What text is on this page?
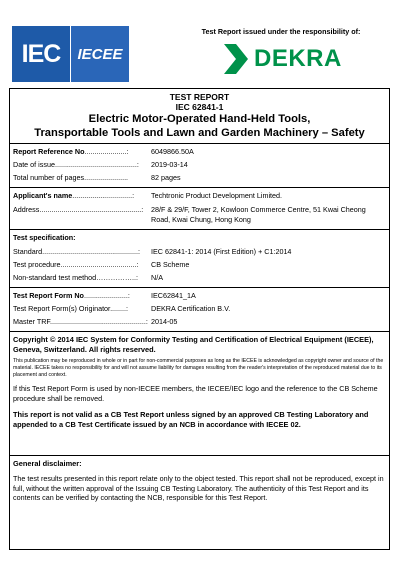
IEC	IECEE
Test Report issued under the responsibility of:
DEKRA
TEST REPORT
IEC 62841-1
Electric Motor-Operated Hand-Held Tools,
Transportable Tools and Lawn and Garden Machinery – Safety
Report Reference No.....................:	6049866.50A
Date of issue.........................................:	2019-03-14
Total number of pages......................	82 pages
Applicant's name..............................:	Techtronic Product Development Limited.
Address...................................................:	28/F & 29/F, Tower 2, Kowloon Commerce Centre, 51 Kwai Cheong Road, Kwai Chung, Hong Kong
Test specification:
Standard................................................:	IEC 62841-1: 2014 (First Edition) + C1:2014
Test procedure......................................:	CB Scheme
Non-standard test method……………..:	N/A
Test Report Form No......................:	IEC62841_1A
Test Report Form(s) Originator........:	DEKRA Certification B.V.
Master TRF................................................: 2014-05
Copyright © 2014 IEC System for Conformity Testing and Certification of Electrical Equipment (IECEE), Geneva, Switzerland. All rights reserved.
This publication may be reproduced in whole or in part for non-commercial purposes as long as the IECEE is acknowledged as copyright owner and source of the material. IECEE takes no responsibility for and will not assume liability for damages resulting from the reader's interpretation of the reproduced material due to its placement and context.
If this Test Report Form is used by non-IECEE members, the IECEE/IEC logo and the reference to the CB Scheme procedure shall be removed.
This report is not valid as a CB Test Report unless signed by an approved CB Testing Laboratory and appended to a CB Test Certificate issued by an NCB in accordance with IECEE 02.
General disclaimer:
The test results presented in this report relate only to the object tested. This report shall not be reproduced, except in full, without the written approval of the Issuing CB Testing Laboratory. The authenticity of this Test Report and its contents can be verified by contacting the NCB, responsible for this Test Report.
